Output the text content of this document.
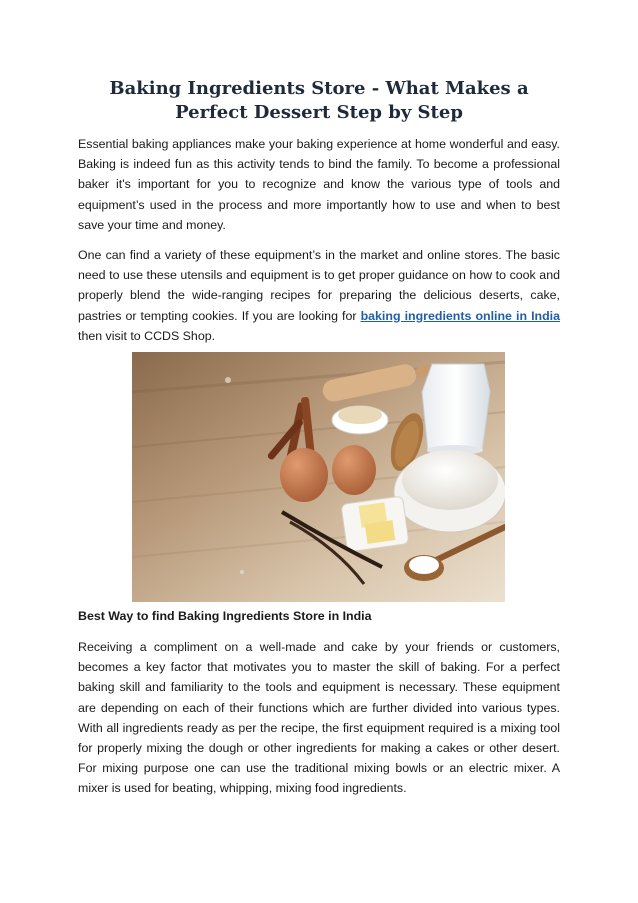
Baking Ingredients Store - What Makes a Perfect Dessert Step by Step

Essential baking appliances make your baking experience at home wonderful and easy. Baking is indeed fun as this activity tends to bind the family. To become a professional baker it's important for you to recognize and know the various type of tools and equipment’s used in the process and more importantly how to use and when to best save your time and money.

One can find a variety of these equipment’s in the market and online stores. The basic need to use these utensils and equipment is to get proper guidance on how to cook and properly blend the wide-ranging recipes for preparing the delicious deserts, cake, pastries or tempting cookies. If you are looking for baking ingredients online in India then visit to CCDS Shop.

Best Way to find Baking Ingredients Store in India

Receiving a compliment on a well-made and cake by your friends or customers, becomes a key factor that motivates you to master the skill of baking. For a perfect baking skill and familiarity to the tools and equipment is necessary. These equipment are depending on each of their functions which are further divided into various types. With all ingredients ready as per the recipe, the first equipment required is a mixing tool for properly mixing the dough or other ingredients for making a cakes or other desert. For mixing purpose one can use the traditional mixing bowls or an electric mixer. A mixer is used for beating, whipping, mixing food ingredients.
